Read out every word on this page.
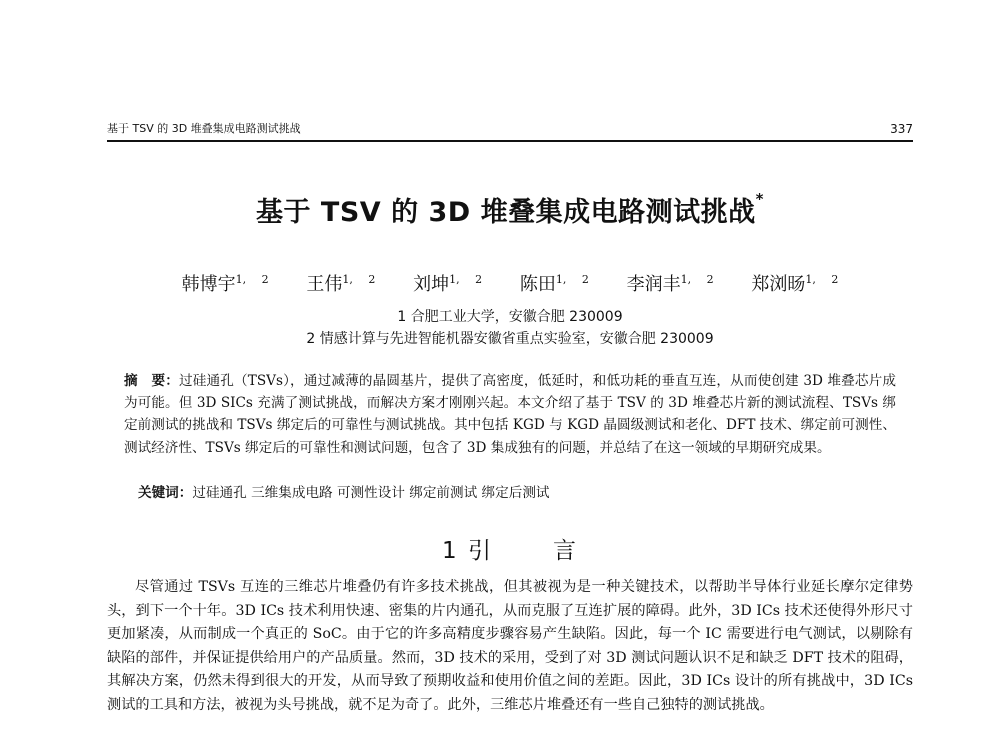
基于 TSV 的 3D 堆叠集成电路测试挑战	337
基于 TSV 的 3D 堆叠集成电路测试挑战*
韩博宇$^{1, 2}$ 王伟$^{1, 2}$ 刘坤$^{1, 2}$ 陈田$^{1, 2}$ 李润丰$^{1, 2}$ 郑浏旸$^{1, 2}$
1 合肥工业大学，安徽合肥 230009
2 情感计算与先进智能机器安徽省重点实验室，安徽合肥 230009
摘　要：过硅通孔（TSVs），通过减薄的晶圆基片，提供了高密度，低延时，和低功耗的垂直互连，从而使创建 3D 堆叠芯片成为可能。但 3D SICs 充满了测试挑战，而解决方案才刚刚兴起。本文介绍了基于 TSV 的 3D 堆叠芯片新的测试流程、TSVs 绑定前测试的挑战和 TSVs 绑定后的可靠性与测试挑战。其中包括 KGD 与 KGD 晶圆级测试和老化、DFT 技术、绑定前可测性、测试经济性、TSVs 绑定后的可靠性和测试问题，包含了 3D 集成独有的问题，并总结了在这一领域的早期研究成果。
关键词：过硅通孔 三维集成电路 可测性设计 绑定前测试 绑定后测试
1 引	言
尽管通过 TSVs 互连的三维芯片堆叠仍有许多技术挑战，但其被视为是一种关键技术，以帮助半导体行业延长摩尔定律势头，到下一个十年。3D ICs 技术利用快速、密集的片内通孔，从而克服了互连扩展的障碍。此外，3D ICs 技术还使得外形尺寸更加紧凑，从而制成一个真正的 SoC。由于它的许多高精度步骤容易产生缺陷。因此，每一个 IC 需要进行电气测试，以剔除有缺陷的部件，并保证提供给用户的产品质量。然而，3D 技术的采用，受到了对 3D 测试问题认识不足和缺乏 DFT 技术的阻碍，其解决方案，仍然未得到很大的开发，从而导致了预期收益和使用价值之间的差距。因此，3D ICs 设计的所有挑战中，3D ICs 测试的工具和方法，被视为头号挑战，就不足为奇了。此外，三维芯片堆叠还有一些自己独特的测试挑战。
